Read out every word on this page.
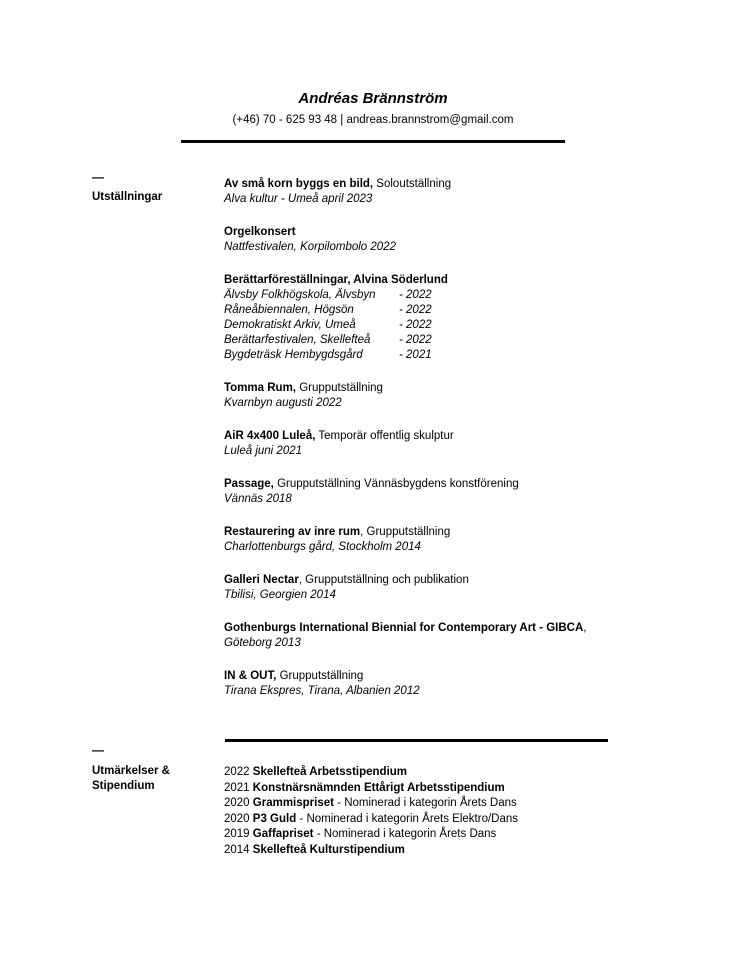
Andréas Brännström
(+46) 70 - 625 93 48 | andreas.brannstrom@gmail.com
—
Utställningar
Av små korn byggs en bild, Soloutställning
Alva kultur - Umeå april 2023
Orgelkonsert
Nattfestivalen, Korpilombolo 2022
Berättarföreställningar, Alvina Söderlund
Älvsby Folkhögskola, Älvsbyn	- 2022
Råneåbiennalen, Högsön	- 2022
Demokratiskt Arkiv, Umeå	- 2022
Berättarfestivalen, Skellefteå	- 2022
Bygdeträsk Hembygdsgård	- 2021
Tomma Rum, Grupputställning
Kvarnbyn augusti 2022
AiR 4x400 Luleå, Temporär offentlig skulptur
Luleå juni 2021
Passage, Grupputställning Vännäsbygdens konstförening
Vännäs 2018
Restaurering av inre rum, Grupputställning
Charlottenburgs gård, Stockholm 2014
Galleri Nectar, Grupputställning och publikation
Tbilisi, Georgien 2014
Gothenburgs International Biennial for Contemporary Art - GIBCA,
Göteborg 2013
IN & OUT, Grupputställning
Tirana Ekspres, Tirana, Albanien 2012
—
Utmärkelser &
Stipendium
2022 Skellefteå Arbetsstipendium
2021 Konstnärsnämnden Ettårigt Arbetsstipendium
2020 Grammispriset - Nominerad i kategorin Årets Dans
2020 P3 Guld - Nominerad i kategorin Årets Elektro/Dans
2019 Gaffapriset - Nominerad i kategorin Årets Dans
2014 Skellefteå Kulturstipendium
